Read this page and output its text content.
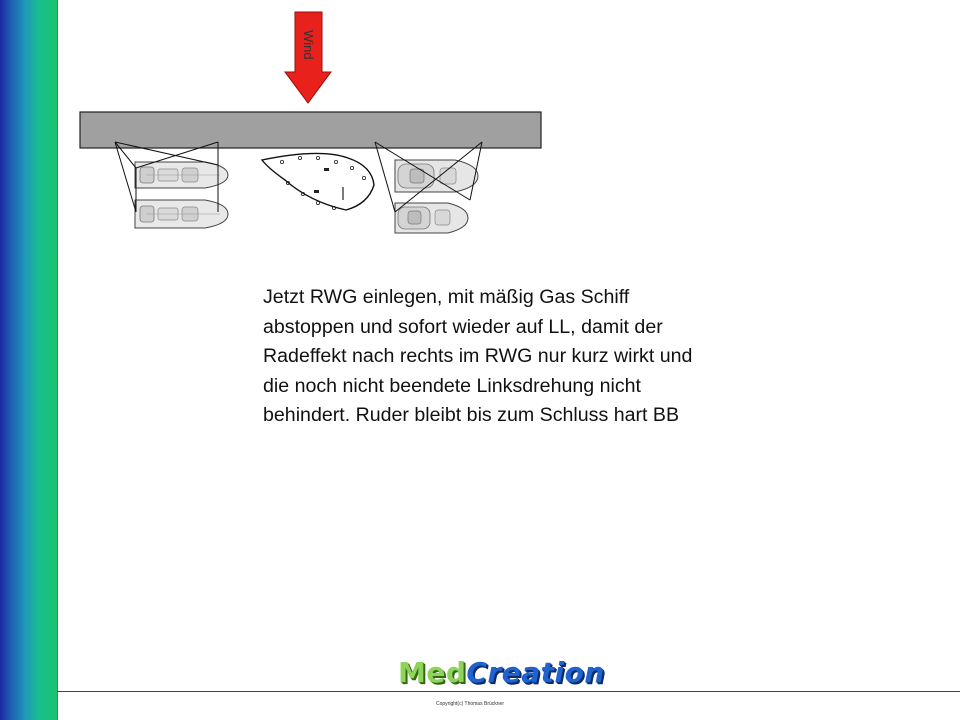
Wind
Jetzt RWG einlegen, mit mäßig Gas Schiff
abstoppen und sofort wieder auf LL, damit der
Radeffekt nach rechts im RWG nur kurz wirkt und
die noch nicht beendete Linksdrehung nicht
behindert. Ruder bleibt bis zum Schluss hart BB
MedCreation
Copyright(c) Thomas Brückner
